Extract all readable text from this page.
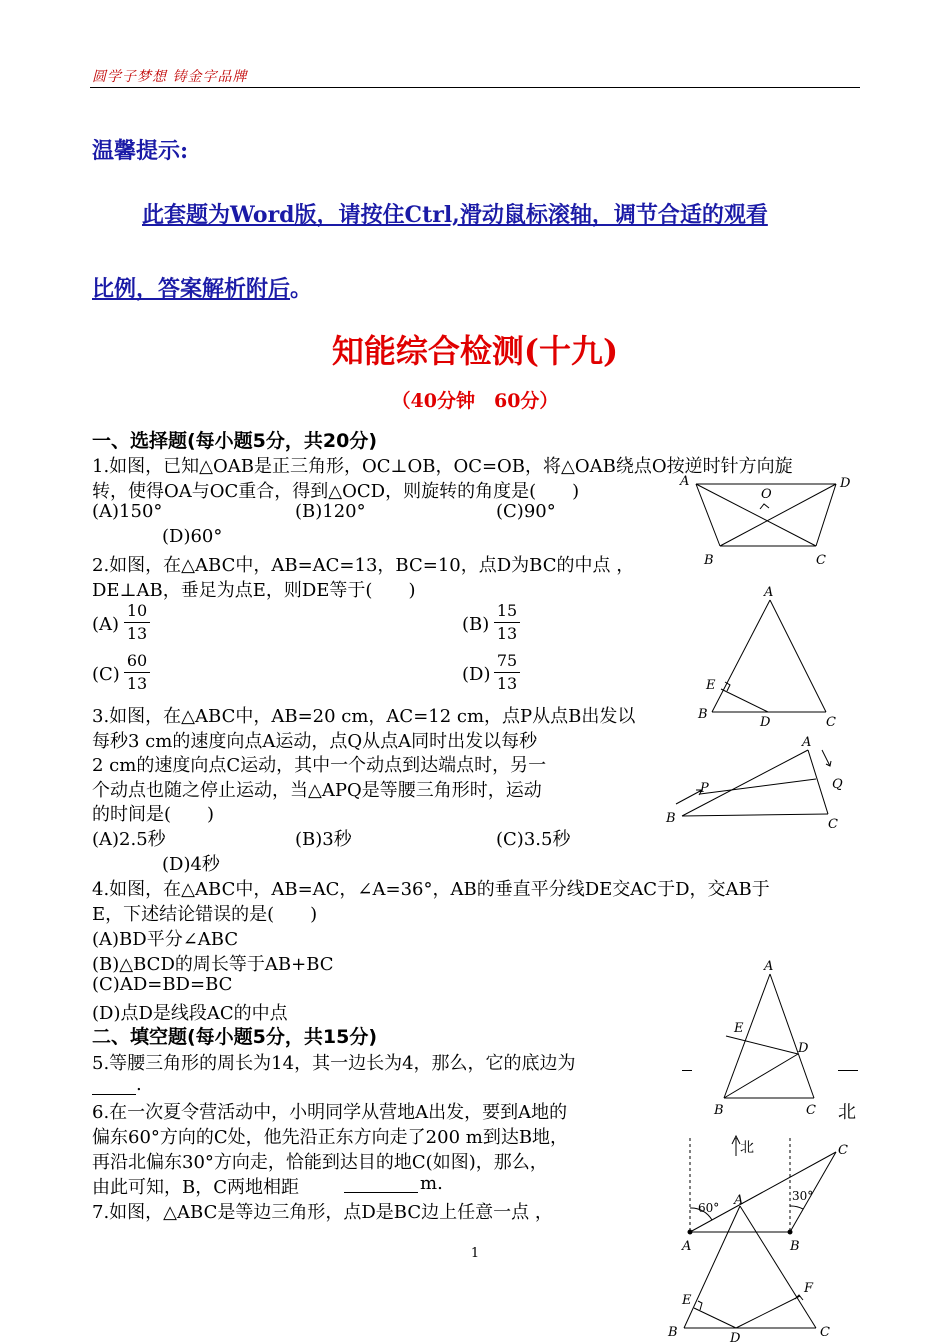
圆学子梦想 铸金字品牌
温馨提示:
此套题为Word版，请按住Ctrl,滑动鼠标滚轴，调节合适的观看
比例，答案解析附后。
知能综合检测(十九)
（40分钟　60分）
一、选择题(每小题5分，共20分)
1.如图，已知△OAB是正三角形，OC⊥OB，OC=OB，将△OAB绕点O按逆时针方向旋
转，使得OA与OC重合，得到△OCD，则旋转的角度是(　　)
(A)150°	(B)120°	(C)90°
(D)60°
2.如图，在△ABC中，AB=AC=13，BC=10，点D为BC的中点 ，
DE⊥AB，垂足为点E，则DE等于(　　)
$(A) \frac{10}{13}$	$(B) \frac{15}{13}$
$(C) \frac{60}{13}$	$(D) \frac{75}{13}$
3.如图，在△ABC中，AB=20 cm，AC=12 cm，点P从点B出发以
每秒3 cm的速度向点A运动，点Q从点A同时出发以每秒
2 cm的速度向点C运动，其中一个动点到达端点时，另一
个动点也随之停止运动，当△APQ是等腰三角形时，运动
的时间是(　　)
(A)2.5秒	(B)3秒	(C)3.5秒
(D)4秒
4.如图，在△ABC中，AB=AC，∠A=36°，AB的垂直平分线DE交AC于D，交AB于
E，下述结论错误的是(　　)
(A)BD平分∠ABC
(B)△BCD的周长等于AB+BC
(C)AD=BD=BC
(D)点D是线段AC的中点
二、填空题(每小题5分，共15分)
5.等腰三角形的周长为14，其一边长为4，那么，它的底边为
.
6.在一次夏令营活动中，小明同学从营地A出发，要到A地的	北
偏东60°方向的C处，他先沿正东方向走了200 m到达B地，
再沿北偏东30°方向走，恰能到达目的地C(如图)，那么，
由此可知，B，C两地相距	m.
7.如图，△ABC是等边三角形，点D是BC边上任意一点 ，
1
A	D
O
B	C
A
E
B
D	C
A
Q
P
B	C
A
E
D
B	C
北
60°
30°
A
A	B
C
E
F
B	D	C
